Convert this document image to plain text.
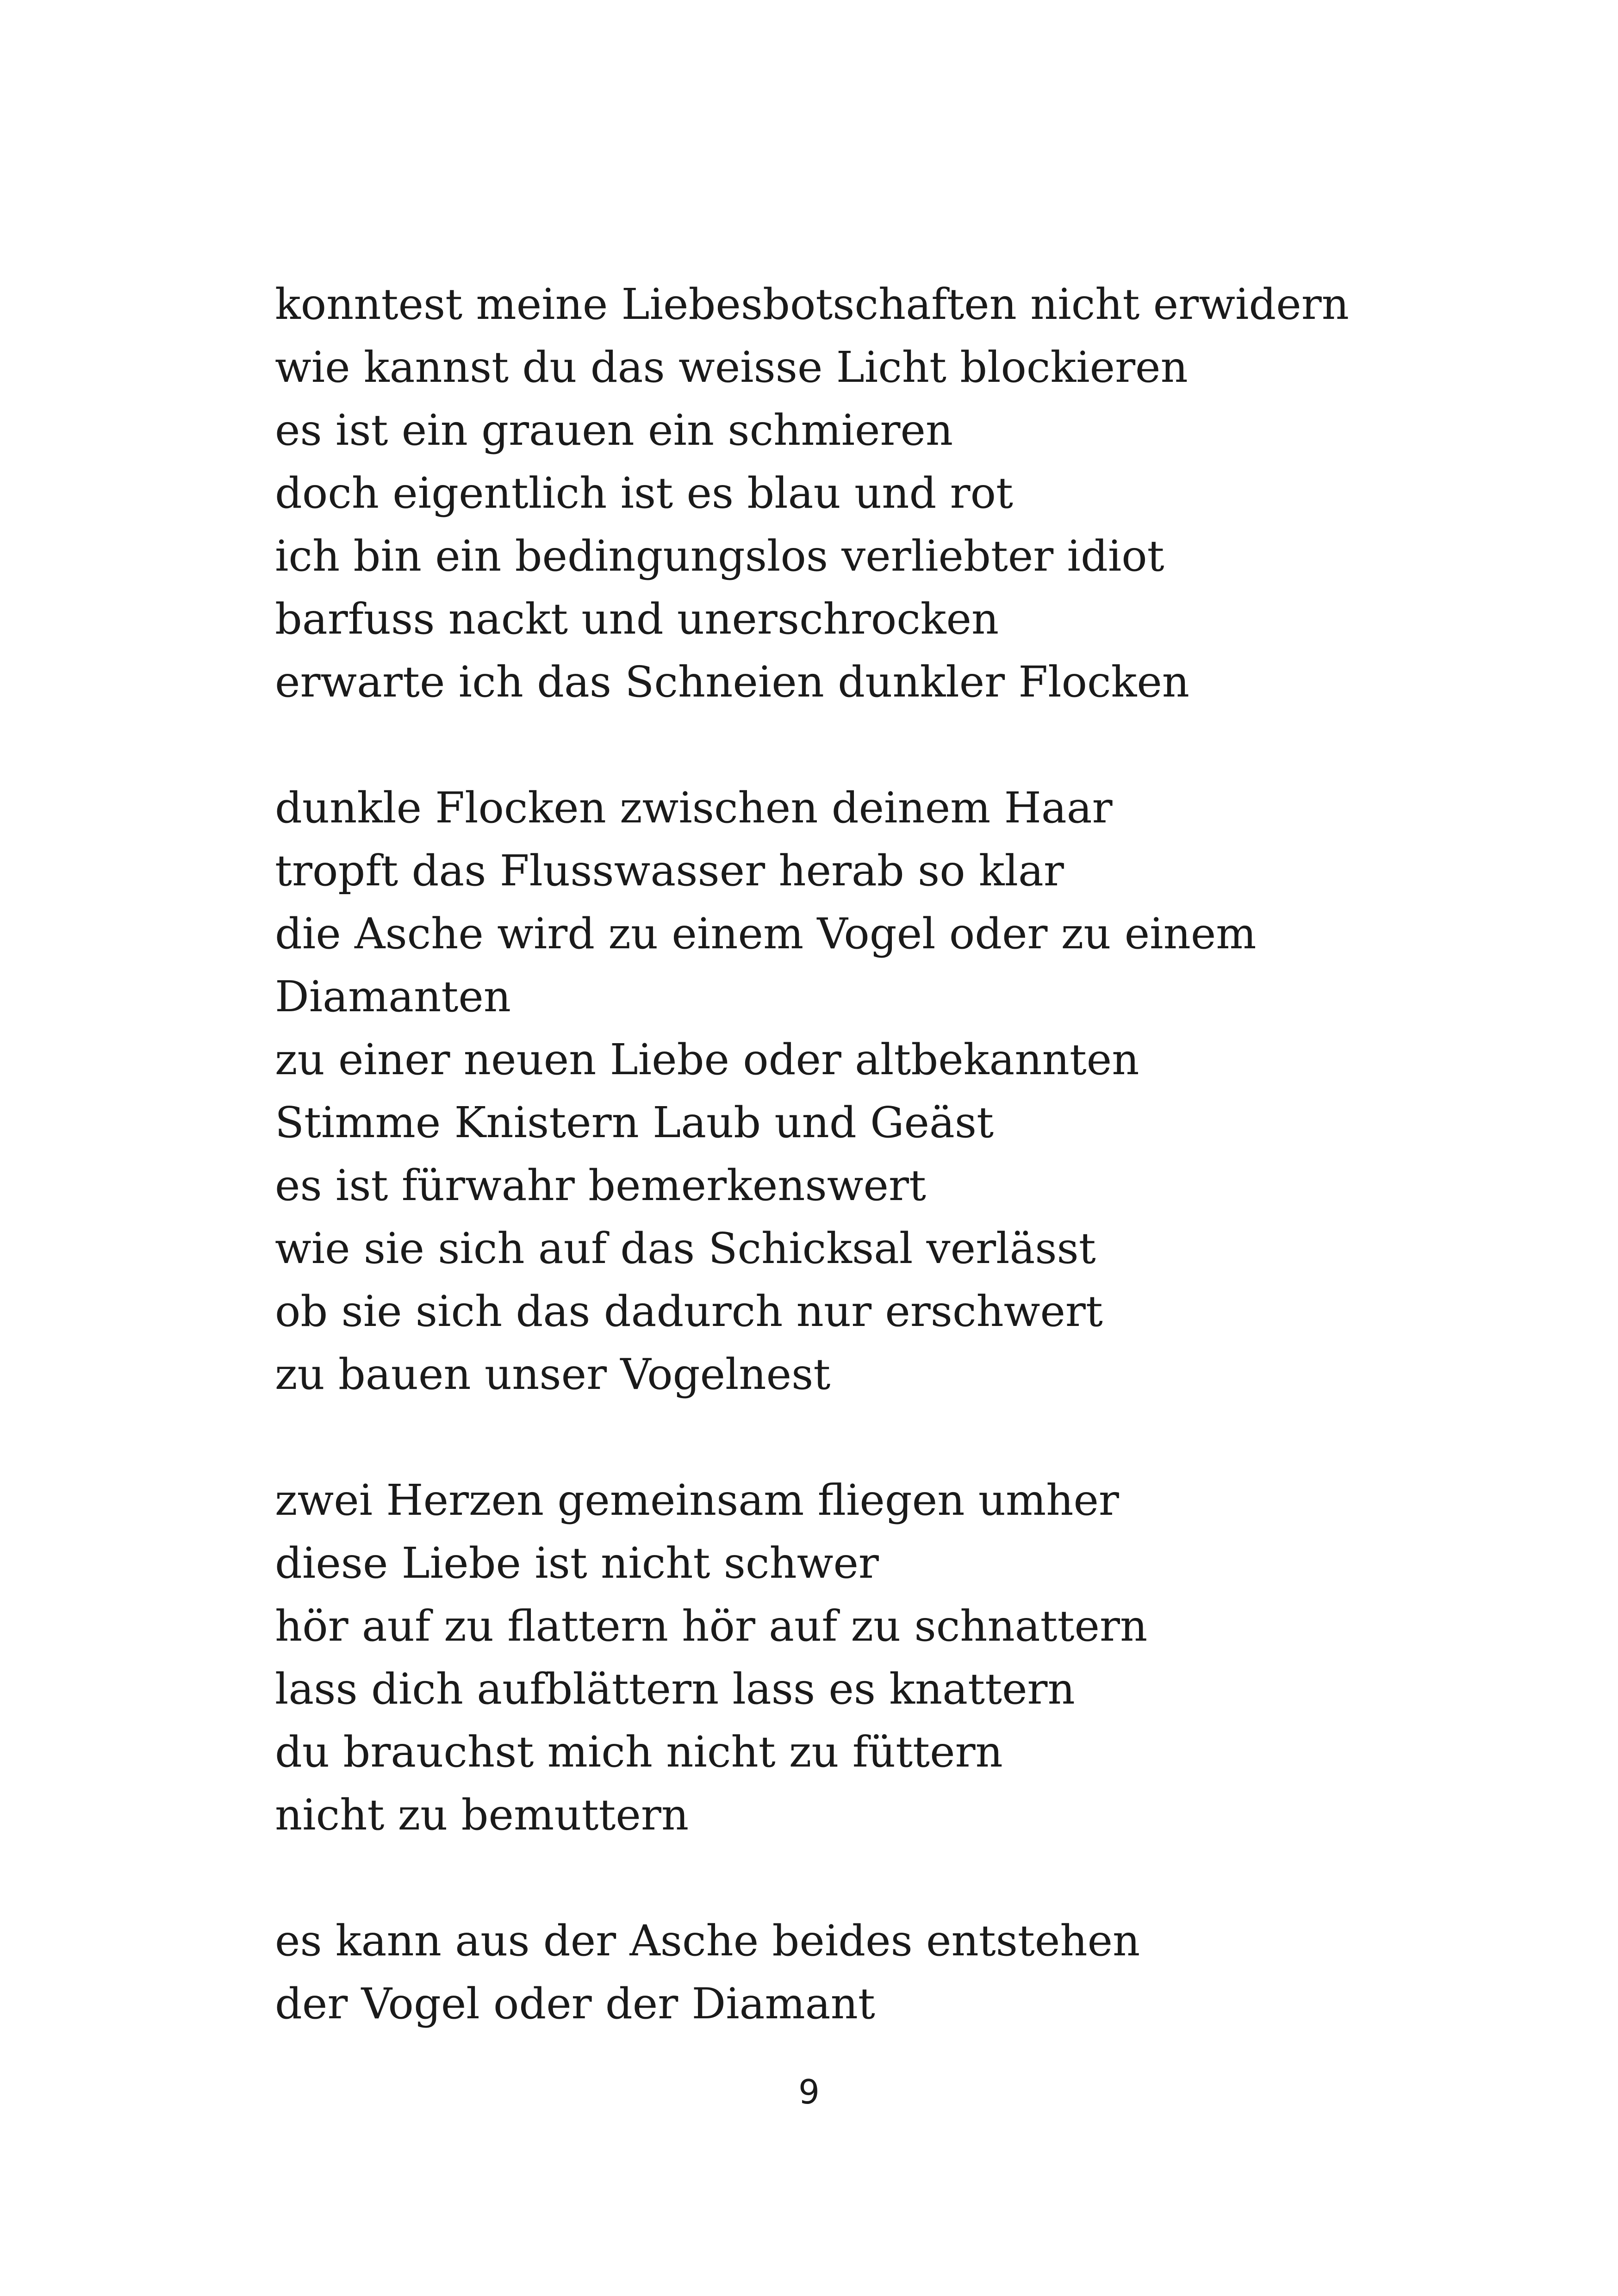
konntest meine Liebesbotschaften nicht erwidern
wie kannst du das weisse Licht blockieren
es ist ein grauen ein schmieren
doch eigentlich ist es blau und rot
ich bin ein bedingungslos verliebter idiot
barfuss nackt und unerschrocken
erwarte ich das Schneien dunkler Flocken
dunkle Flocken zwischen deinem Haar
tropft das Flusswasser herab so klar
die Asche wird zu einem Vogel oder zu einem
Diamanten
zu einer neuen Liebe oder altbekannten
Stimme Knistern Laub und Geäst
es ist fürwahr bemerkenswert
wie sie sich auf das Schicksal verlässt
ob sie sich das dadurch nur erschwert
zu bauen unser Vogelnest
zwei Herzen gemeinsam fliegen umher
diese Liebe ist nicht schwer
hör auf zu flattern hör auf zu schnattern
lass dich aufblättern lass es knattern
du brauchst mich nicht zu füttern
nicht zu bemuttern
es kann aus der Asche beides entstehen
der Vogel oder der Diamant
9
